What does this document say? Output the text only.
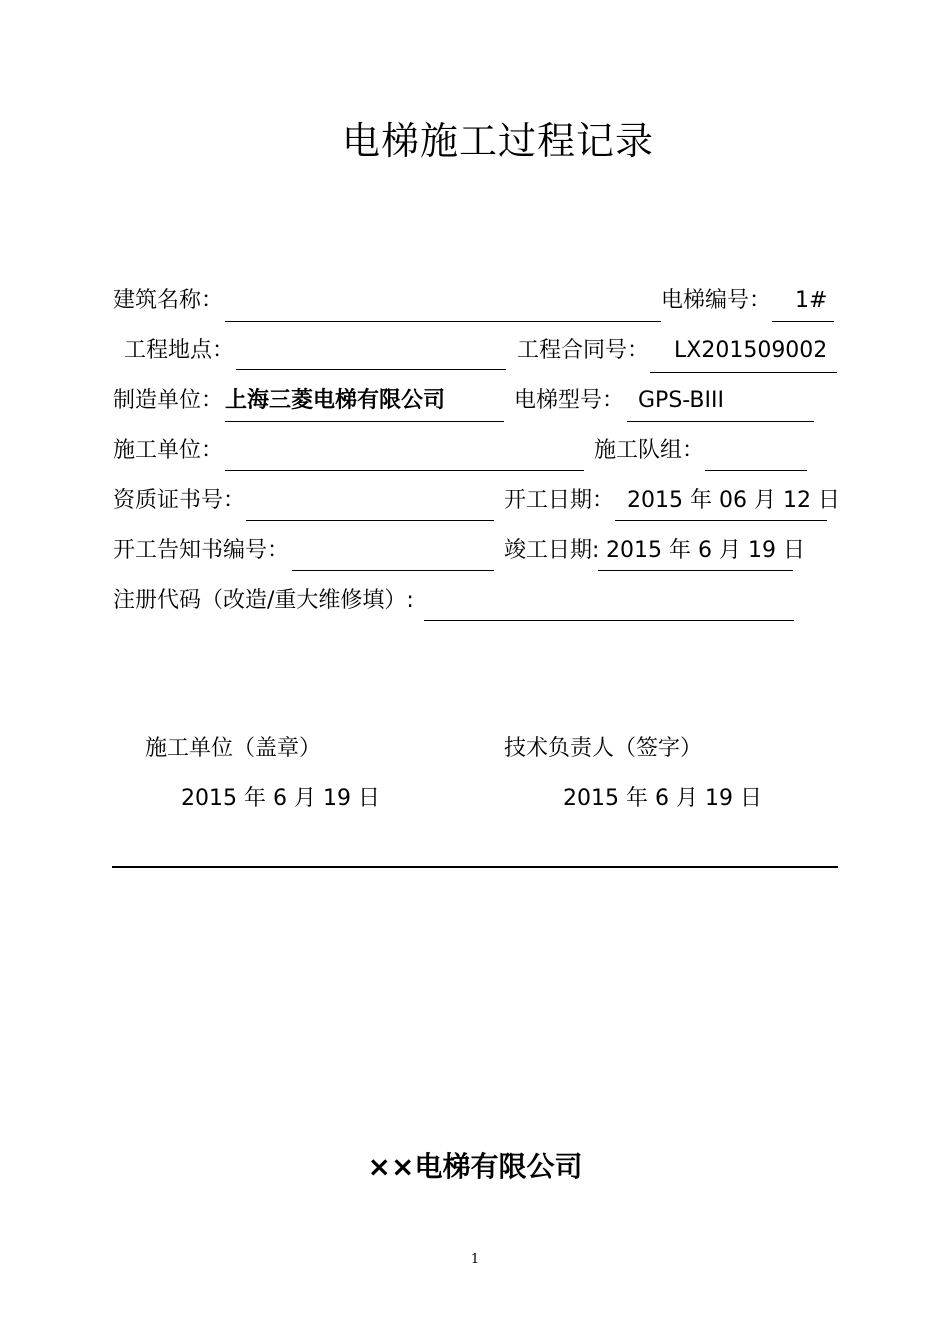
电梯施工过程记录
建筑名称：	电梯编号： 1#
工程地点：	工程合同号： LX201509002
制造单位： 上海三菱电梯有限公司	电梯型号： GPS-BIII
施工单位：	施工队组：
资质证书号：	开工日期： 2015 年 06 月 12 日
开工告知书编号：	竣工日期: 2015 年 6 月 19 日
注册代码（改造/重大维修填）:
施工单位（盖章）	技术负责人（签字）
2015 年 6 月 19 日	2015 年 6 月 19 日
××电梯有限公司
1
